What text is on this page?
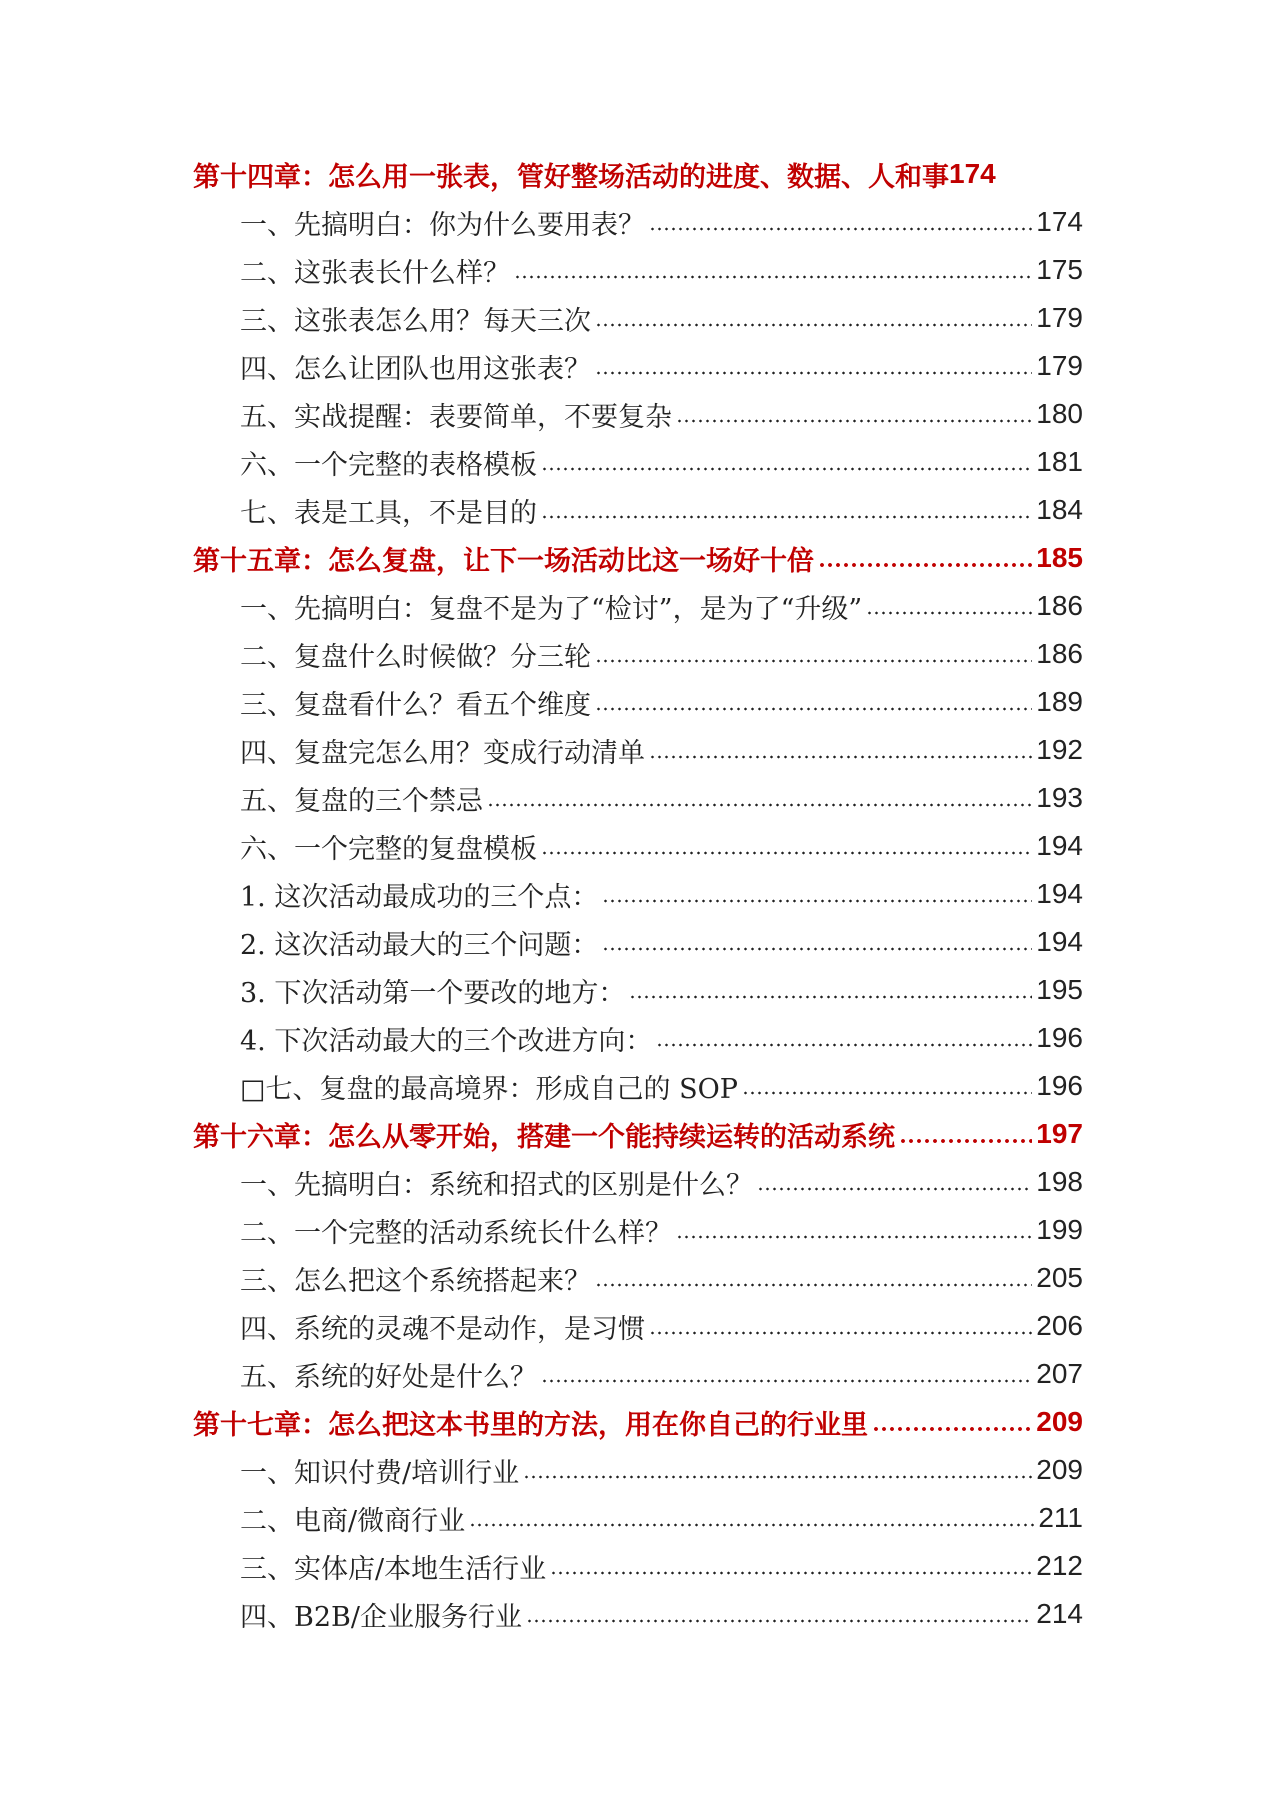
第十四章：怎么用一张表，管好整场活动的进度、数据、人和事 174
一、先搞明白：你为什么要用表？	174
二、这张表长什么样？	175
三、这张表怎么用？每天三次	179
四、怎么让团队也用这张表？	179
五、实战提醒：表要简单，不要复杂	180
六、一个完整的表格模板	181
七、表是工具，不是目的	184
第十五章：怎么复盘，让下一场活动比这一场好十倍	185
一、先搞明白：复盘不是为了“检讨”，是为了“升级”	186
二、复盘什么时候做？分三轮	186
三、复盘看什么？看五个维度	189
四、复盘完怎么用？变成行动清单	192
五、复盘的三个禁忌	193
六、一个完整的复盘模板	194
1. 这次活动最成功的三个点：	194
2. 这次活动最大的三个问题：	194
3. 下次活动第一个要改的地方：	195
4. 下次活动最大的三个改进方向：	196
□七、复盘的最高境界：形成自己的 SOP	196
第十六章：怎么从零开始，搭建一个能持续运转的活动系统	197
一、先搞明白：系统和招式的区别是什么？	198
二、一个完整的活动系统长什么样？	199
三、怎么把这个系统搭起来？	205
四、系统的灵魂不是动作，是习惯	206
五、系统的好处是什么？	207
第十七章：怎么把这本书里的方法，用在你自己的行业里	209
一、知识付费/培训行业	209
二、电商/微商行业	211
三、实体店/本地生活行业	212
四、B2B/企业服务行业	214
